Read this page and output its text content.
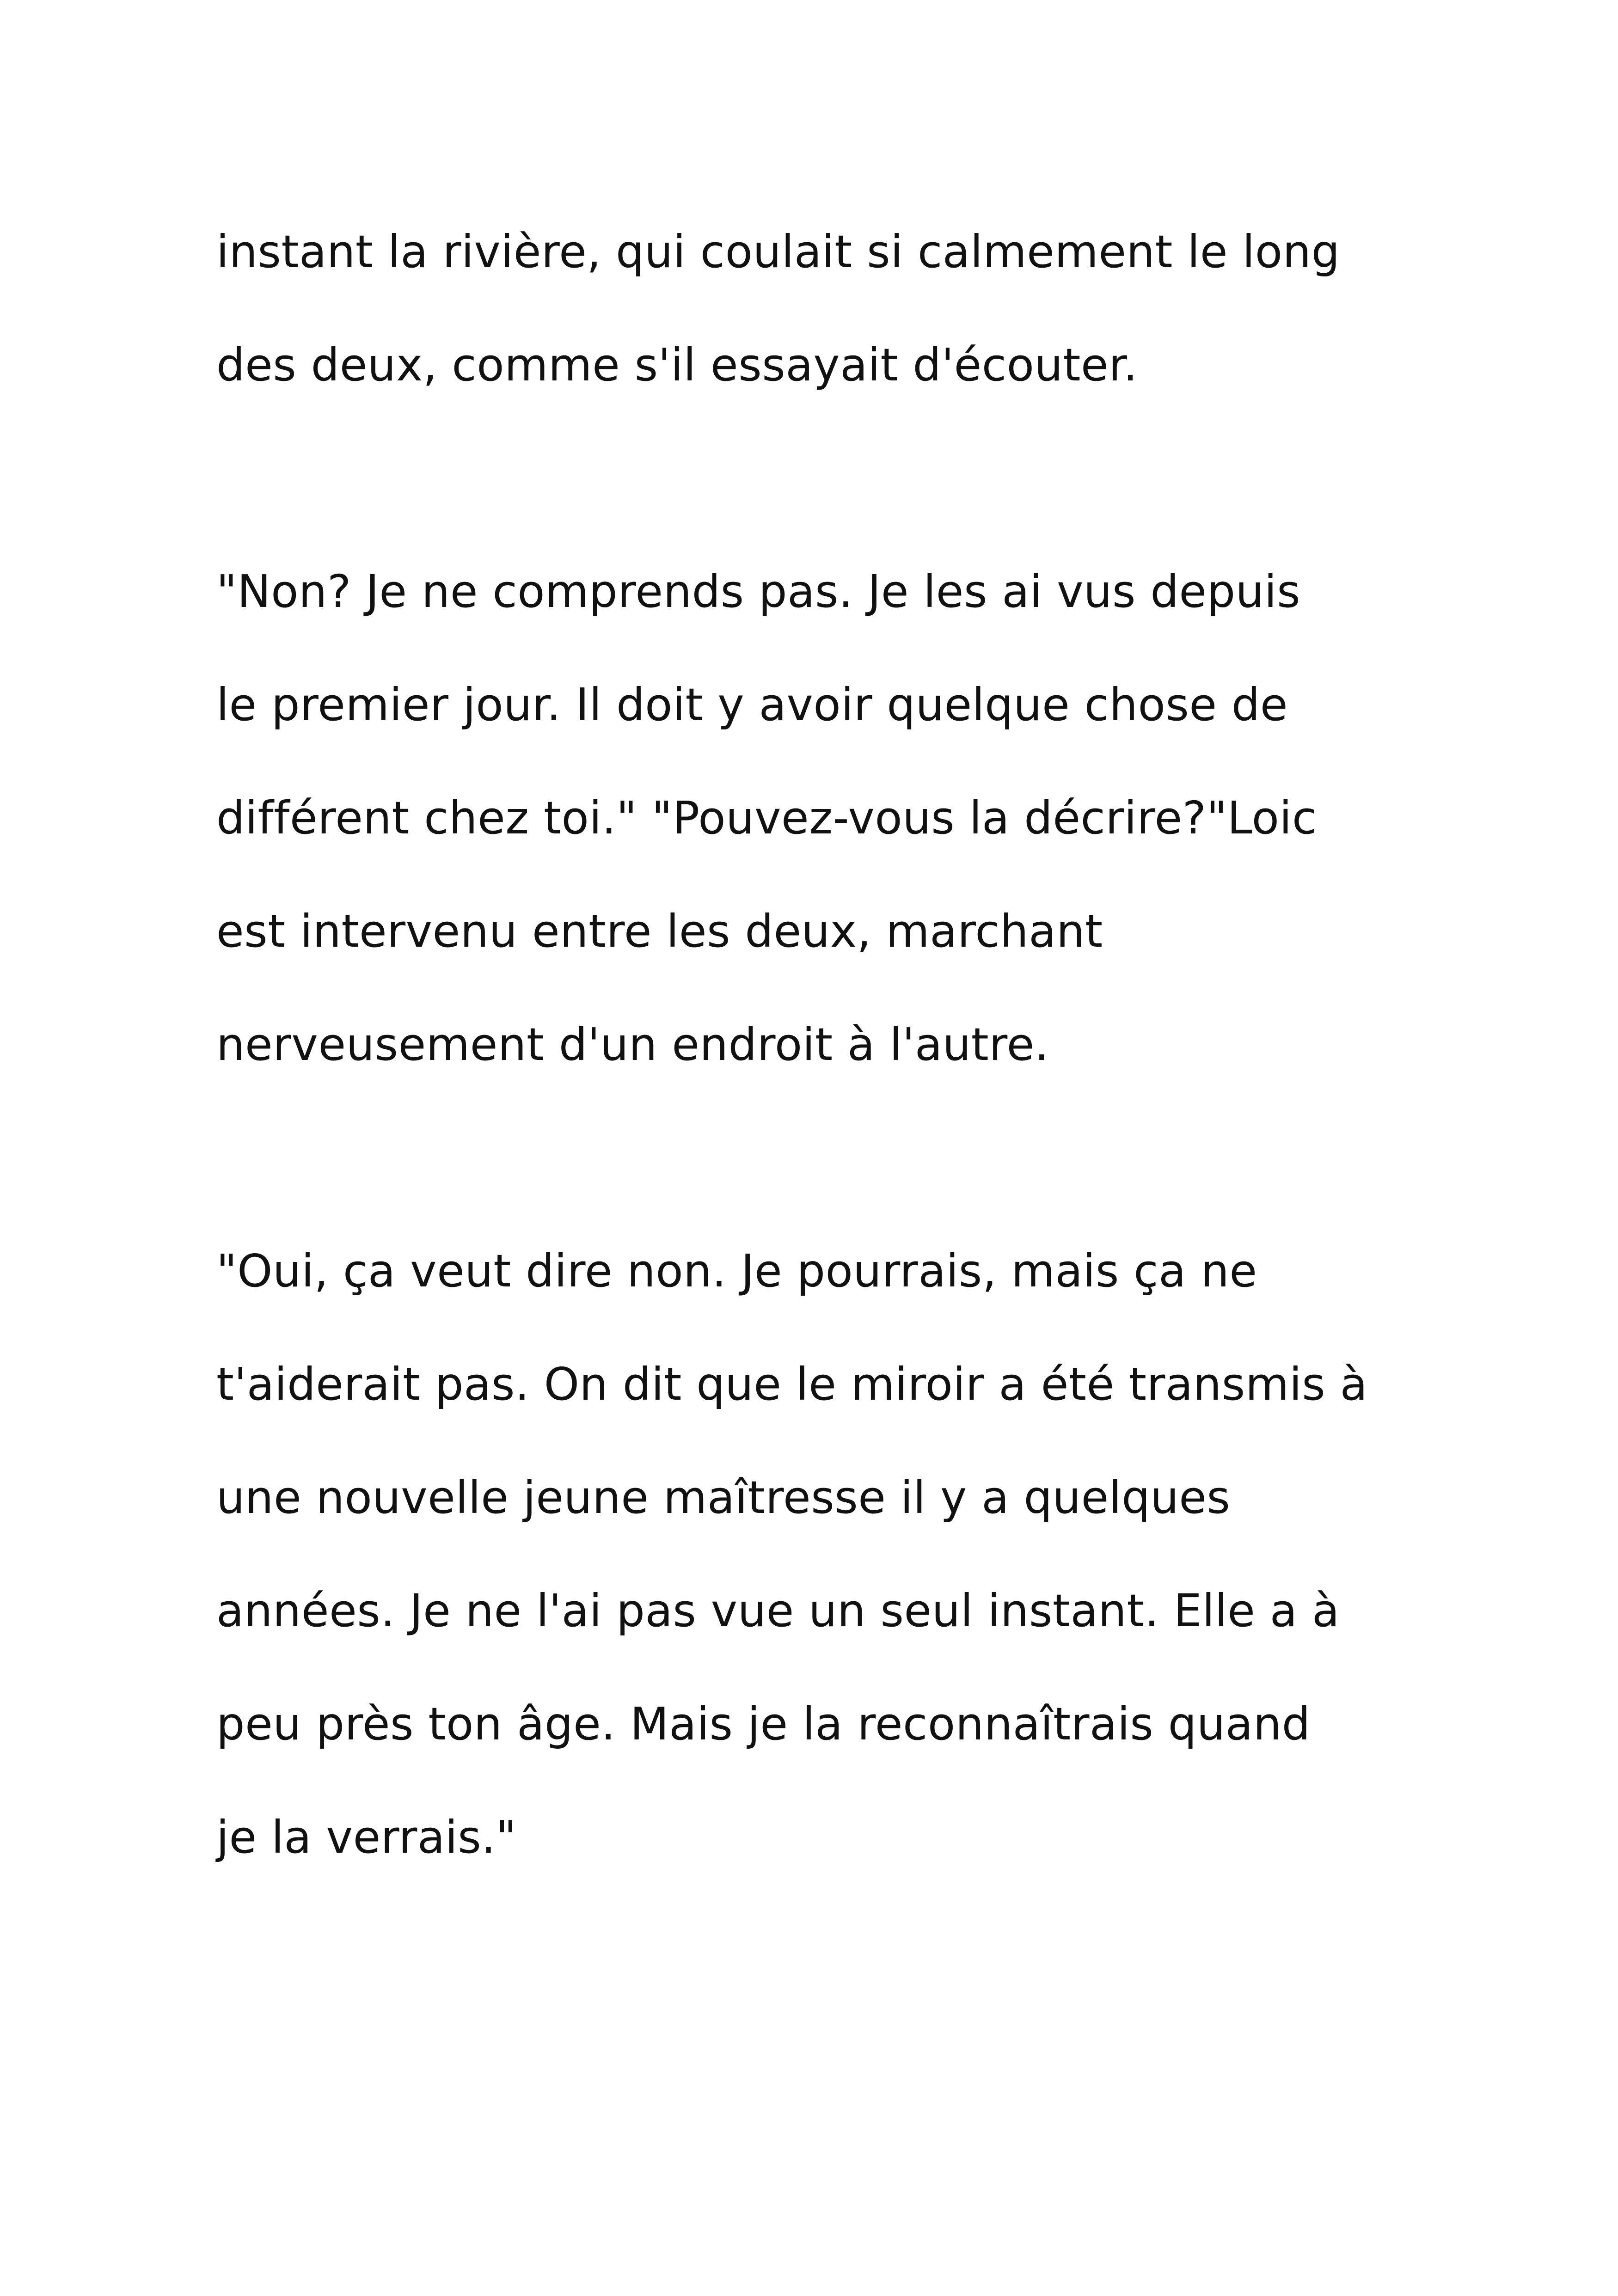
instant la rivière, qui coulait si calmement le long
des deux, comme s'il essayait d'écouter.
"Non? Je ne comprends pas. Je les ai vus depuis
le premier jour. Il doit y avoir quelque chose de
différent chez toi." "Pouvez-vous la décrire?"Loic
est intervenu entre les deux, marchant
nerveusement d'un endroit à l'autre.
"Oui, ça veut dire non. Je pourrais, mais ça ne
t'aiderait pas. On dit que le miroir a été transmis à
une nouvelle jeune maîtresse il y a quelques
années. Je ne l'ai pas vue un seul instant. Elle a à
peu près ton âge. Mais je la reconnaîtrais quand
je la verrais."
